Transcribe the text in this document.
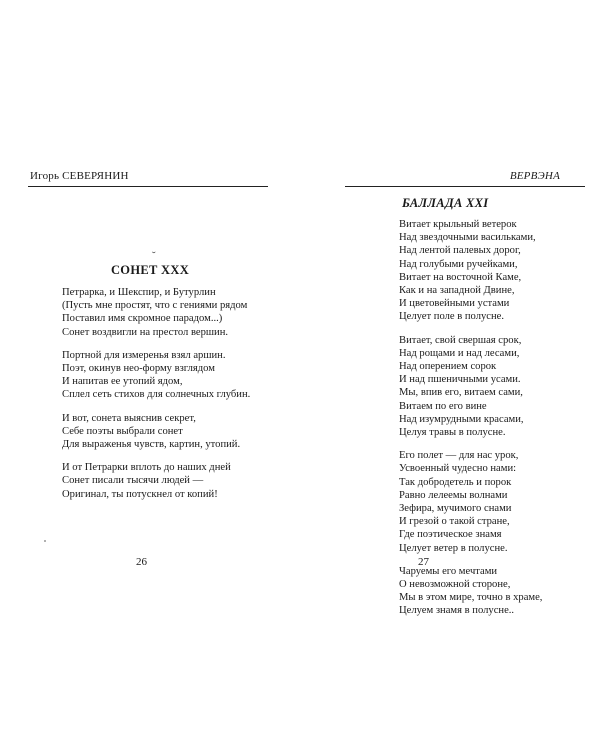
Игорь СЕВЕРЯНИН
˘
СОНЕТ XXX
Петрарка, и Шекспир, и Бутурлин
(Пусть мне простят, что с гениями рядом
Поставил имя скромное парадом...)
Сонет воздвигли на престол вершин.
Портной для измеренья взял аршин.
Поэт, окинув нео-форму взглядом
И напитав ее утопий ядом,
Сплел сеть стихов для солнечных глубин.
И вот, сонета выяснив секрет,
Себе поэты выбрали сонет
Для выраженья чувств, картин, утопий.
И от Петрарки вплоть до наших дней
Сонет писали тысячи людей —
Оригинал, ты потускнел от копий!
26
ВЕРВЭНА
БАЛЛАДА XXI
Витает крыльный ветерок
Над звездочными васильками,
Над лентой палевых дорог,
Над голубыми ручейками,
Витает на восточной Каме,
Как и на западной Двине,
И цветовейными устами
Целует поле в полусне.
Витает, свой свершая срок,
Над рощами и над лесами,
Над оперением сорок
И над пшеничными усами.
Мы, впив его, витаем сами,
Витаем по его вине
Над изумрудными красами,
Целуя травы в полусне.
Его полет — для нас урок,
Усвоенный чудесно нами:
Так добродетель и порок
Равно лелеемы волнами
Зефира, мучимого снами
И грезой о такой стране,
Где поэтическое знамя
Целует ветер в полусне.
Чаруемы его мечтами
О невозможной стороне,
Мы в этом мире, точно в храме,
Целуем знамя в полусне..
27
